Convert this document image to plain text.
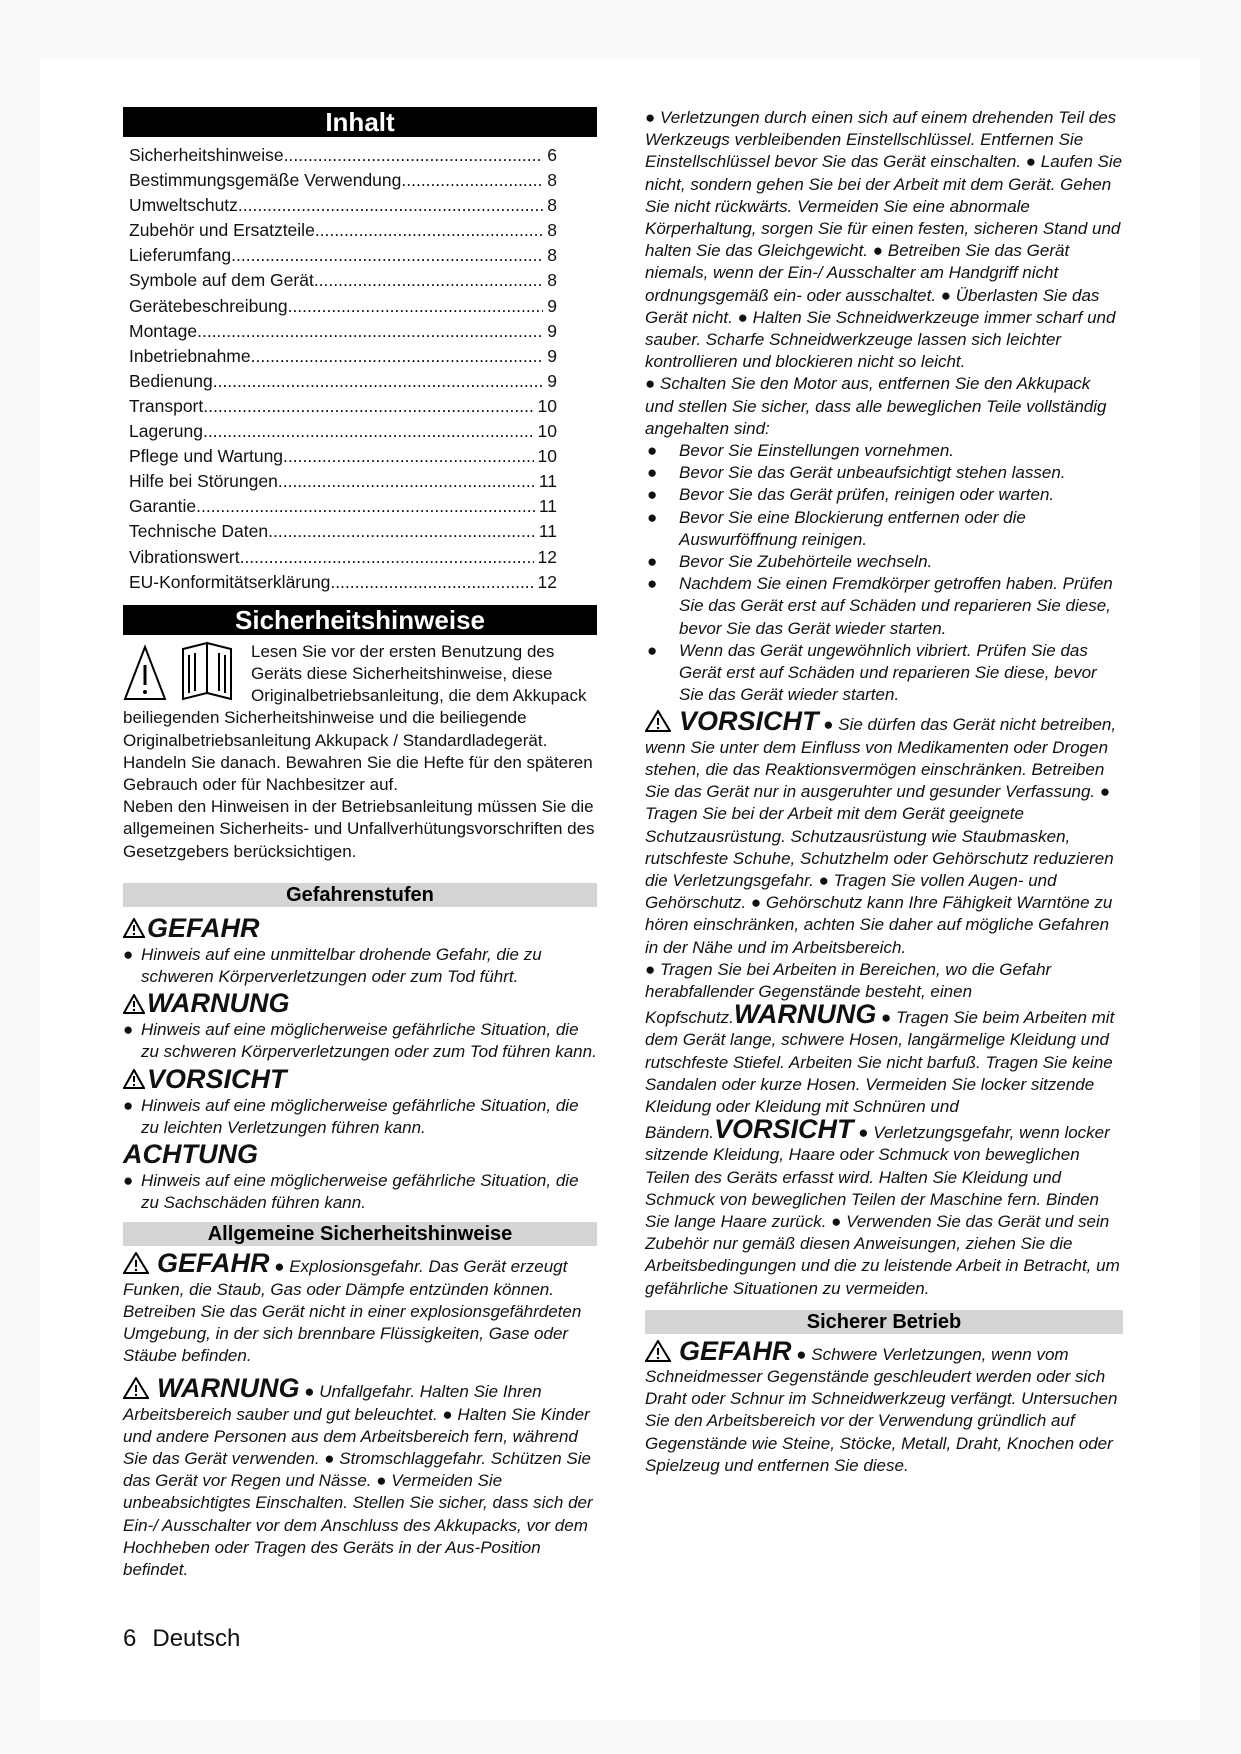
Inhalt
Sicherheitshinweise .....	6
Bestimmungsgemäße Verwendung .....	8
Umweltschutz .....	8
Zubehör und Ersatzteile .....	8
Lieferumfang .....	8
Symbole auf dem Gerät .....	8
Gerätebeschreibung .....	9
Montage .....	9
Inbetriebnahme .....	9
Bedienung .....	9
Transport .....	10
Lagerung .....	10
Pflege und Wartung .....	10
Hilfe bei Störungen .....	11
Garantie .....	11
Technische Daten .....	11
Vibrationswert .....	12
EU-Konformitätserklärung .....	12
Sicherheitshinweise
Lesen Sie vor der ersten Benutzung des Geräts diese Sicherheitshinweise, diese Originalbetriebsanleitung, die dem Akkupack beiliegenden Sicherheitshinweise und die beiliegende Originalbetriebsanleitung Akkupack / Standardladegerät. Handeln Sie danach. Bewahren Sie die Hefte für den späteren Gebrauch oder für Nachbesitzer auf.
Neben den Hinweisen in der Betriebsanleitung müssen Sie die allgemeinen Sicherheits- und Unfallverhütungsvorschriften des Gesetzgebers berücksichtigen.
Gefahrenstufen
GEFAHR
● Hinweis auf eine unmittelbar drohende Gefahr, die zu schweren Körperverletzungen oder zum Tod führt.
WARNUNG
● Hinweis auf eine möglicherweise gefährliche Situation, die zu schweren Körperverletzungen oder zum Tod führen kann.
VORSICHT
● Hinweis auf eine möglicherweise gefährliche Situation, die zu leichten Verletzungen führen kann.
ACHTUNG
● Hinweis auf eine möglicherweise gefährliche Situation, die zu Sachschäden führen kann.
Allgemeine Sicherheitshinweise
GEFAHR ● Explosionsgefahr. Das Gerät erzeugt Funken, die Staub, Gas oder Dämpfe entzünden können. Betreiben Sie das Gerät nicht in einer explosionsgefährdeten Umgebung, in der sich brennbare Flüssigkeiten, Gase oder Stäube befinden.
WARNUNG ● Unfallgefahr. Halten Sie Ihren Arbeitsbereich sauber und gut beleuchtet. ● Halten Sie Kinder und andere Personen aus dem Arbeitsbereich fern, während Sie das Gerät verwenden. ● Stromschlaggefahr. Schützen Sie das Gerät vor Regen und Nässe. ● Vermeiden Sie unbeabsichtigtes Einschalten. Stellen Sie sicher, dass sich der Ein-/ Ausschalter vor dem Anschluss des Akkupacks, vor dem Hochheben oder Tragen des Geräts in der Aus-Position befindet.
● Verletzungen durch einen sich auf einem drehenden Teil des Werkzeugs verbleibenden Einstellschlüssel. Entfernen Sie Einstellschlüssel bevor Sie das Gerät einschalten. ● Laufen Sie nicht, sondern gehen Sie bei der Arbeit mit dem Gerät. Gehen Sie nicht rückwärts. Vermeiden Sie eine abnormale Körperhaltung, sorgen Sie für einen festen, sicheren Stand und halten Sie das Gleichgewicht. ● Betreiben Sie das Gerät niemals, wenn der Ein-/ Ausschalter am Handgriff nicht ordnungsgemäß ein- oder ausschaltet. ● Überlasten Sie das Gerät nicht. ● Halten Sie Schneidwerkzeuge immer scharf und sauber. Scharfe Schneidwerkzeuge lassen sich leichter kontrollieren und blockieren nicht so leicht.
● Schalten Sie den Motor aus, entfernen Sie den Akkupack und stellen Sie sicher, dass alle beweglichen Teile vollständig angehalten sind:
●	Bevor Sie Einstellungen vornehmen.
●	Bevor Sie das Gerät unbeaufsichtigt stehen lassen.
●	Bevor Sie das Gerät prüfen, reinigen oder warten.
●	Bevor Sie eine Blockierung entfernen oder die Auswurföffnung reinigen.
●	Bevor Sie Zubehörteile wechseln.
●	Nachdem Sie einen Fremdkörper getroffen haben. Prüfen Sie das Gerät erst auf Schäden und reparieren Sie diese, bevor Sie das Gerät wieder starten.
●	Wenn das Gerät ungewöhnlich vibriert. Prüfen Sie das Gerät erst auf Schäden und reparieren Sie diese, bevor Sie das Gerät wieder starten.
VORSICHT ● Sie dürfen das Gerät nicht betreiben, wenn Sie unter dem Einfluss von Medikamenten oder Drogen stehen, die das Reaktionsvermögen einschränken. Betreiben Sie das Gerät nur in ausgeruhter und gesunder Verfassung. ● Tragen Sie bei der Arbeit mit dem Gerät geeignete Schutzausrüstung. Schutzausrüstung wie Staubmasken, rutschfeste Schuhe, Schutzhelm oder Gehörschutz reduzieren die Verletzungsgefahr. ● Tragen Sie vollen Augen- und Gehörschutz. ● Gehörschutz kann Ihre Fähigkeit Warntöne zu hören einschränken, achten Sie daher auf mögliche Gefahren in der Nähe und im Arbeitsbereich.
● Tragen Sie bei Arbeiten in Bereichen, wo die Gefahr herabfallender Gegenstände besteht, einen Kopfschutz.WARNUNG ● Tragen Sie beim Arbeiten mit dem Gerät lange, schwere Hosen, langärmelige Kleidung und rutschfeste Stiefel. Arbeiten Sie nicht barfuß. Tragen Sie keine Sandalen oder kurze Hosen. Vermeiden Sie locker sitzende Kleidung oder Kleidung mit Schnüren und Bändern.VORSICHT ● Verletzungsgefahr, wenn locker sitzende Kleidung, Haare oder Schmuck von beweglichen Teilen des Geräts erfasst wird. Halten Sie Kleidung und Schmuck von beweglichen Teilen der Maschine fern. Binden Sie lange Haare zurück. ● Verwenden Sie das Gerät und sein Zubehör nur gemäß diesen Anweisungen, ziehen Sie die Arbeitsbedingungen und die zu leistende Arbeit in Betracht, um gefährliche Situationen zu vermeiden.
Sicherer Betrieb
GEFAHR ● Schwere Verletzungen, wenn vom Schneidmesser Gegenstände geschleudert werden oder sich Draht oder Schnur im Schneidwerkzeug verfängt. Untersuchen Sie den Arbeitsbereich vor der Verwendung gründlich auf Gegenstände wie Steine, Stöcke, Metall, Draht, Knochen oder Spielzeug und entfernen Sie diese.
6 Deutsch
